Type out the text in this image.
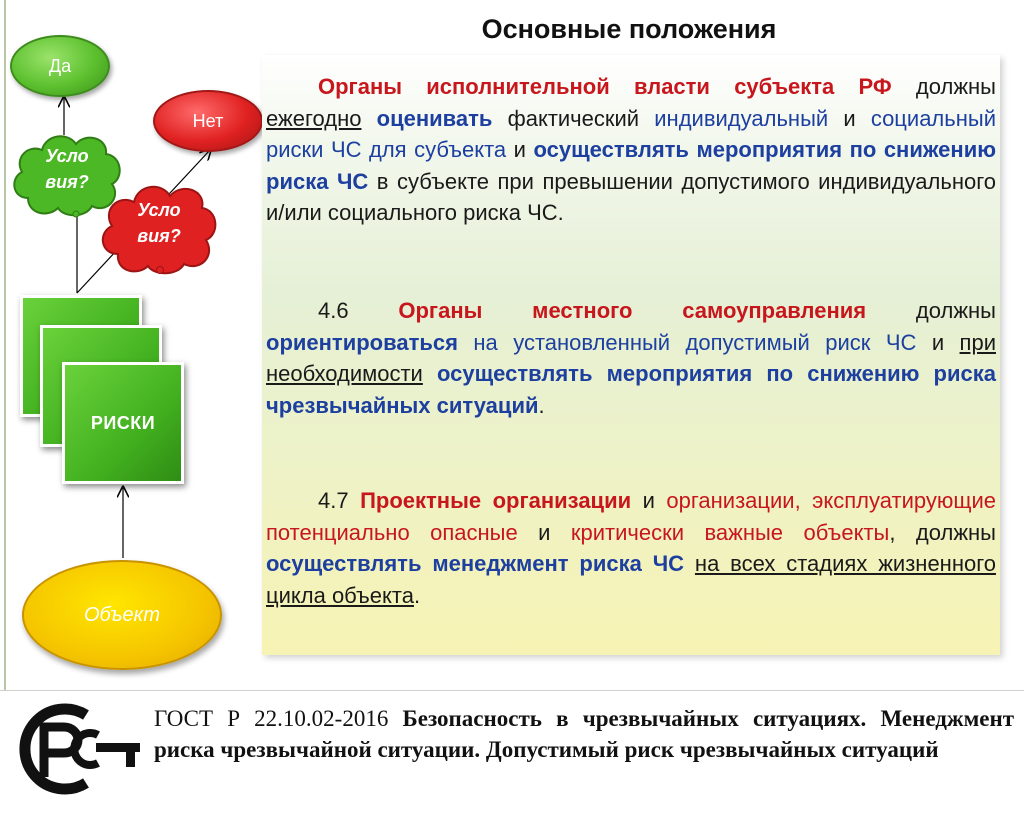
Да
Нет
Усло
вия?
Усло
вия?
РИСКИ
Объект
Основные положения

Органы исполнительной власти субъекта РФ должны ежегодно оценивать фактический индивидуальный и социальный риски ЧС для субъекта и осуществлять мероприятия по снижению риска ЧС в субъекте при превышении допустимого индивидуального и/или социального риска ЧС.

4.6 Органы местного самоуправления должны ориентироваться на установленный допустимый риск ЧС и при необходимости осуществлять мероприятия по снижению риска чрезвычайных ситуаций.

4.7 Проектные организации и организации, эксплуатирующие потенциально опасные и критически важные объекты, должны осуществлять менеджмент риска ЧС на всех стадиях жизненного цикла объекта.

РСТ

ГОСТ Р 22.10.02-2016 Безопасность в чрезвычайных ситуациях. Менеджмент риска чрезвычайной ситуации. Допустимый риск чрезвычайных ситуаций
